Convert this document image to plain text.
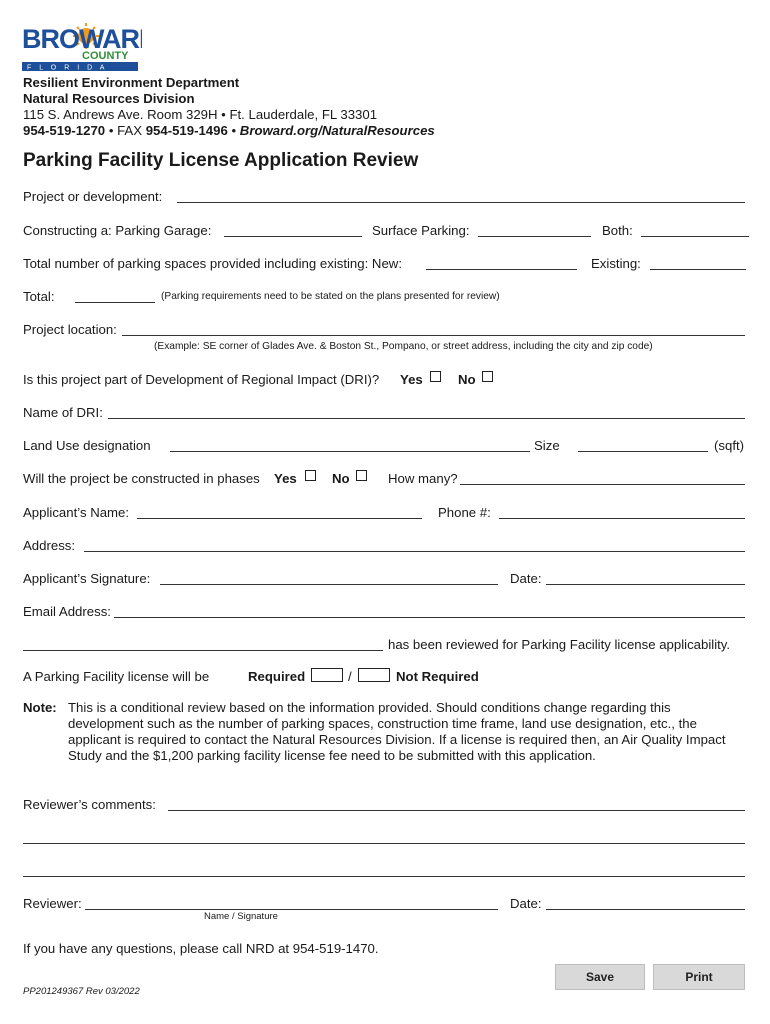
BROWAR
COUNTY
F L O R I D A
Resilient Environment Department
Natural Resources Division
115 S. Andrews Ave. Room 329H • Ft. Lauderdale, FL 33301
954-519-1270 • FAX 954-519-1496 • Broward.org/NaturalResources
Parking Facility License Application Review
Project or development:
Constructing a: Parking Garage:	Surface Parking:	Both:
Total number of parking spaces provided including existing: New:	Existing:
Total:	(Parking requirements need to be stated on the plans presented for review)
Project location:
(Example: SE corner of Glades Ave. & Boston St., Pompano, or street address, including the city and zip code)
Is this project part of Development of Regional Impact (DRI)? Yes	No
Name of DRI:
Land Use designation	Size	(sqft)
Will the project be constructed in phases Yes	No	How many?
Applicant’s Name:	Phone #:
Address:
Applicant’s Signature:	Date:
Email Address:
has been reviewed for Parking Facility license applicability.
A Parking Facility license will be	Required	/	Not Required
Note: This is a conditional review based on the information provided. Should conditions change regarding this development such as the number of parking spaces, construction time frame, land use designation, etc., the applicant is required to contact the Natural Resources Division. If a license is required then, an Air Quality Impact Study and the $1,200 parking facility license fee need to be submitted with this application.
Reviewer’s comments:
Reviewer:
Name / Signature
Date:
If you have any questions, please call NRD at 954-519-1470.
Save	Print
PP201249367 Rev 03/2022
